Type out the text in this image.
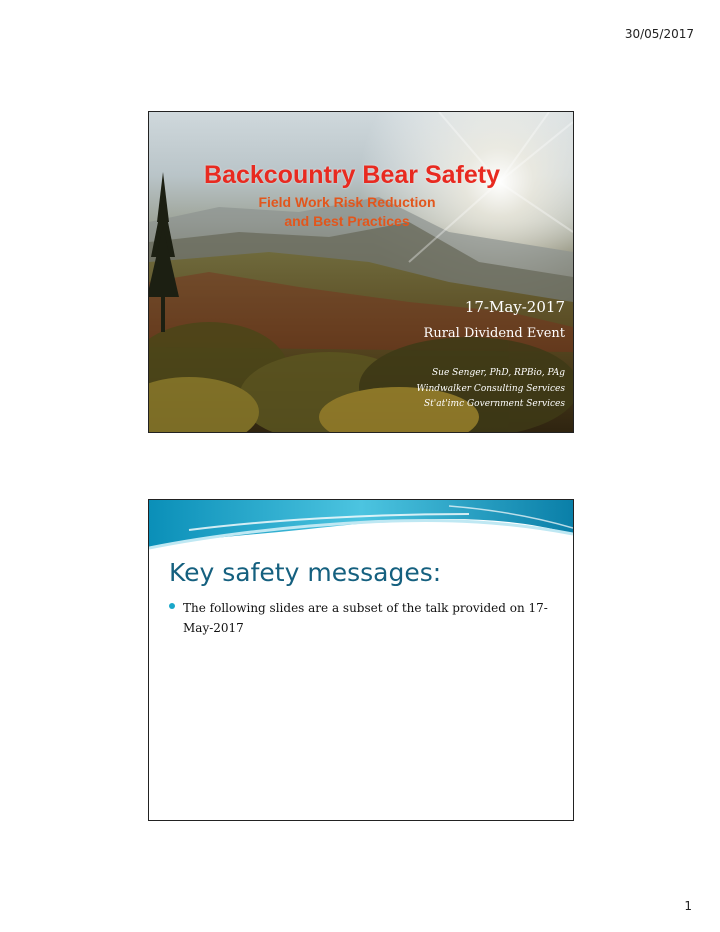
30/05/2017
Backcountry Bear Safety
Field Work Risk Reduction
and Best Practices
17-May-2017
Rural Dividend Event
Sue Senger, PhD, RPBio, PAg
Windwalker Consulting Services
St'at'imc Government Services
Key safety messages:
The following slides are a subset of the talk provided on 17-May-2017
1
